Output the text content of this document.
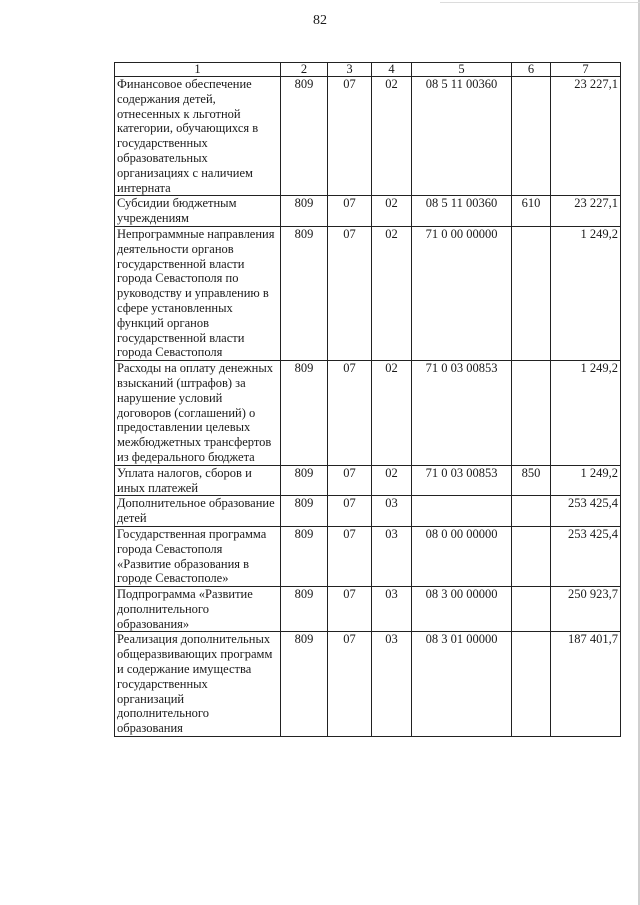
82
1	2	3	4	5	6	7
Финансовое обеспечение содержания детей, отнесенных к льготной категории, обучающихся в государственных образовательных организациях с наличием интерната	809	07	02	08 5 11 00360		23 227,1
Субсидии бюджетным учреждениям	809	07	02	08 5 11 00360	610	23 227,1
Непрограммные направления деятельности органов государственной власти города Севастополя по руководству и управлению в сфере установленных функций органов государственной власти города Севастополя	809	07	02	71 0 00 00000		1 249,2
Расходы на оплату денежных взысканий (штрафов) за нарушение условий договоров (соглашений) о предоставлении целевых межбюджетных трансфертов из федерального бюджета	809	07	02	71 0 03 00853		1 249,2
Уплата налогов, сборов и иных платежей	809	07	02	71 0 03 00853	850	1 249,2
Дополнительное образование детей	809	07	03			253 425,4
Государственная программа города Севастополя «Развитие образования в городе Севастополе»	809	07	03	08 0 00 00000		253 425,4
Подпрограмма «Развитие дополнительного образования»	809	07	03	08 3 00 00000		250 923,7
Реализация дополнительных общеразвивающих программ и содержание имущества государственных организаций дополнительного образования	809	07	03	08 3 01 00000		187 401,7
